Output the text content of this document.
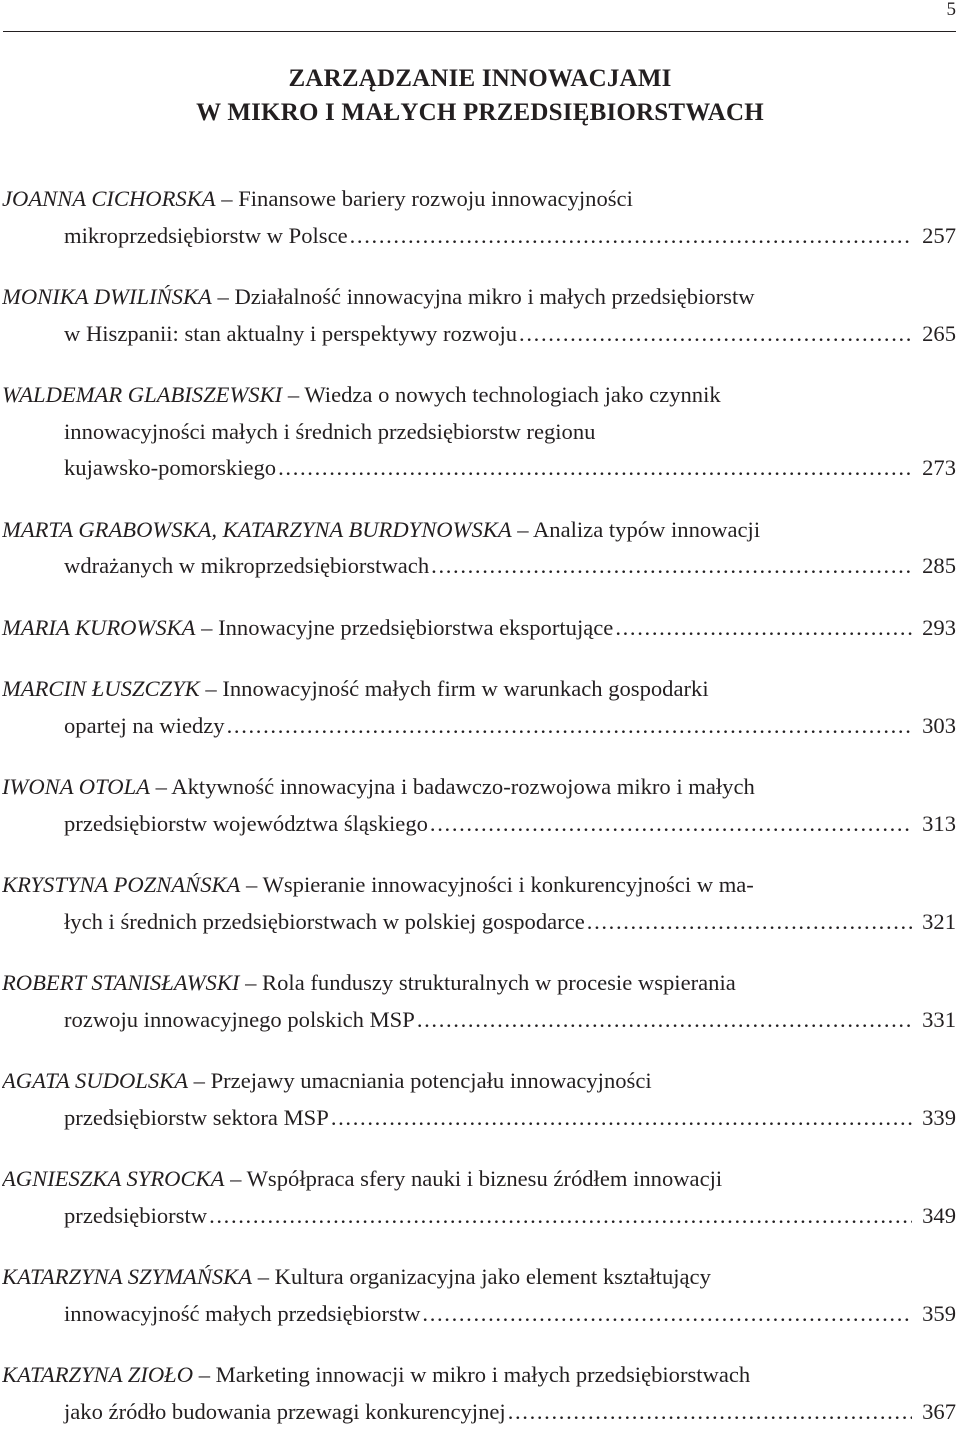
5
ZARZĄDZANIE INNOWACJAMI
W MIKRO I MAŁYCH PRZEDSIĘBIORSTWACH
JOANNA CICHORSKA – Finansowe bariery rozwoju innowacyjności
mikroprzedsiębiorstw w Polsce . . .	257
MONIKA DWILIŃSKA – Działalność innowacyjna mikro i małych przedsiębiorstw
w Hiszpanii: stan aktualny i perspektywy rozwoju . . .	265
WALDEMAR GLABISZEWSKI – Wiedza o nowych technologiach jako czynnik
innowacyjności małych i średnich przedsiębiorstw regionu
kujawsko-pomorskiego . . .	273
MARTA GRABOWSKA, KATARZYNA BURDYNOWSKA – Analiza typów innowacji
wdrażanych w mikroprzedsiębiorstwach . . .	285
MARIA KUROWSKA – Innowacyjne przedsiębiorstwa eksportujące . . .	293
MARCIN ŁUSZCZYK – Innowacyjność małych firm w warunkach gospodarki
opartej na wiedzy . . .	303
IWONA OTOLA – Aktywność innowacyjna i badawczo-rozwojowa mikro i małych
przedsiębiorstw województwa śląskiego . . .	313
KRYSTYNA POZNAŃSKA – Wspieranie innowacyjności i konkurencyjności w ma-
łych i średnich przedsiębiorstwach w polskiej gospodarce . . .	321
ROBERT STANISŁAWSKI – Rola funduszy strukturalnych w procesie wspierania
rozwoju innowacyjnego polskich MSP . . .	331
AGATA SUDOLSKA – Przejawy umacniania potencjału innowacyjności
przedsiębiorstw sektora MSP . . .	339
AGNIESZKA SYROCKA – Współpraca sfery nauki i biznesu źródłem innowacji
przedsiębiorstw . . .	349
KATARZYNA SZYMAŃSKA – Kultura organizacyjna jako element kształtujący
innowacyjność małych przedsiębiorstw . . .	359
KATARZYNA ZIOŁO – Marketing innowacji w mikro i małych przedsiębiorstwach
jako źródło budowania przewagi konkurencyjnej . . .	367
